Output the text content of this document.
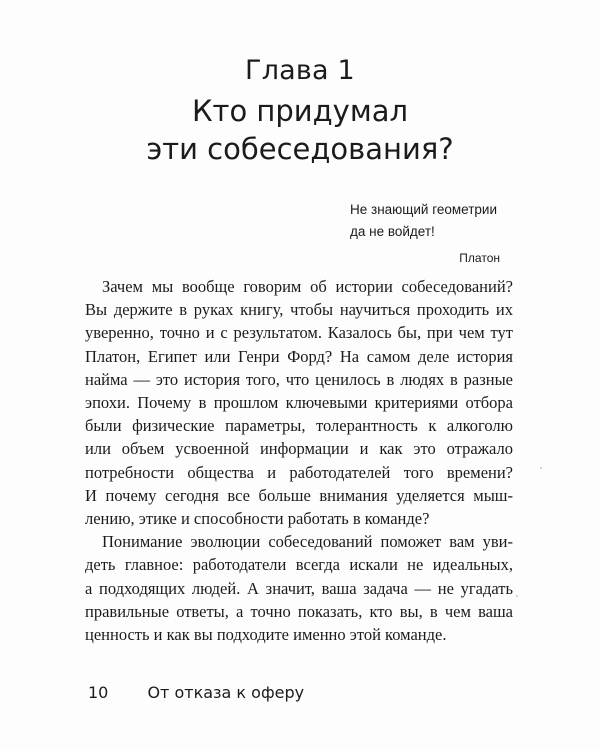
Глава 1
Кто придумал
эти собеседования?
Не знающий геометрии
да не войдет!
Платон
Зачем мы вообще говорим об истории собеседований?
Вы держите в руках книгу, чтобы научиться проходить их
уверенно, точно и с результатом. Казалось бы, при чем тут
Платон, Египет или Генри Форд? На самом деле история
найма — это история того, что ценилось в людях в разные
эпохи. Почему в прошлом ключевыми критериями отбора
были физические параметры, толерантность к алкоголю
или объем усвоенной информации и как это отражало
потребности общества и работодателей того времени?
И почему сегодня все больше внимания уделяется мыш-
лению, этике и способности работать в команде?
Понимание эволюции собеседований поможет вам уви-
деть главное: работодатели всегда искали не идеальных,
а подходящих людей. А значит, ваша задача — не угадать
правильные ответы, а точно показать, кто вы, в чем ваша
ценность и как вы подходите именно этой команде.
10 От отказа к оферу
